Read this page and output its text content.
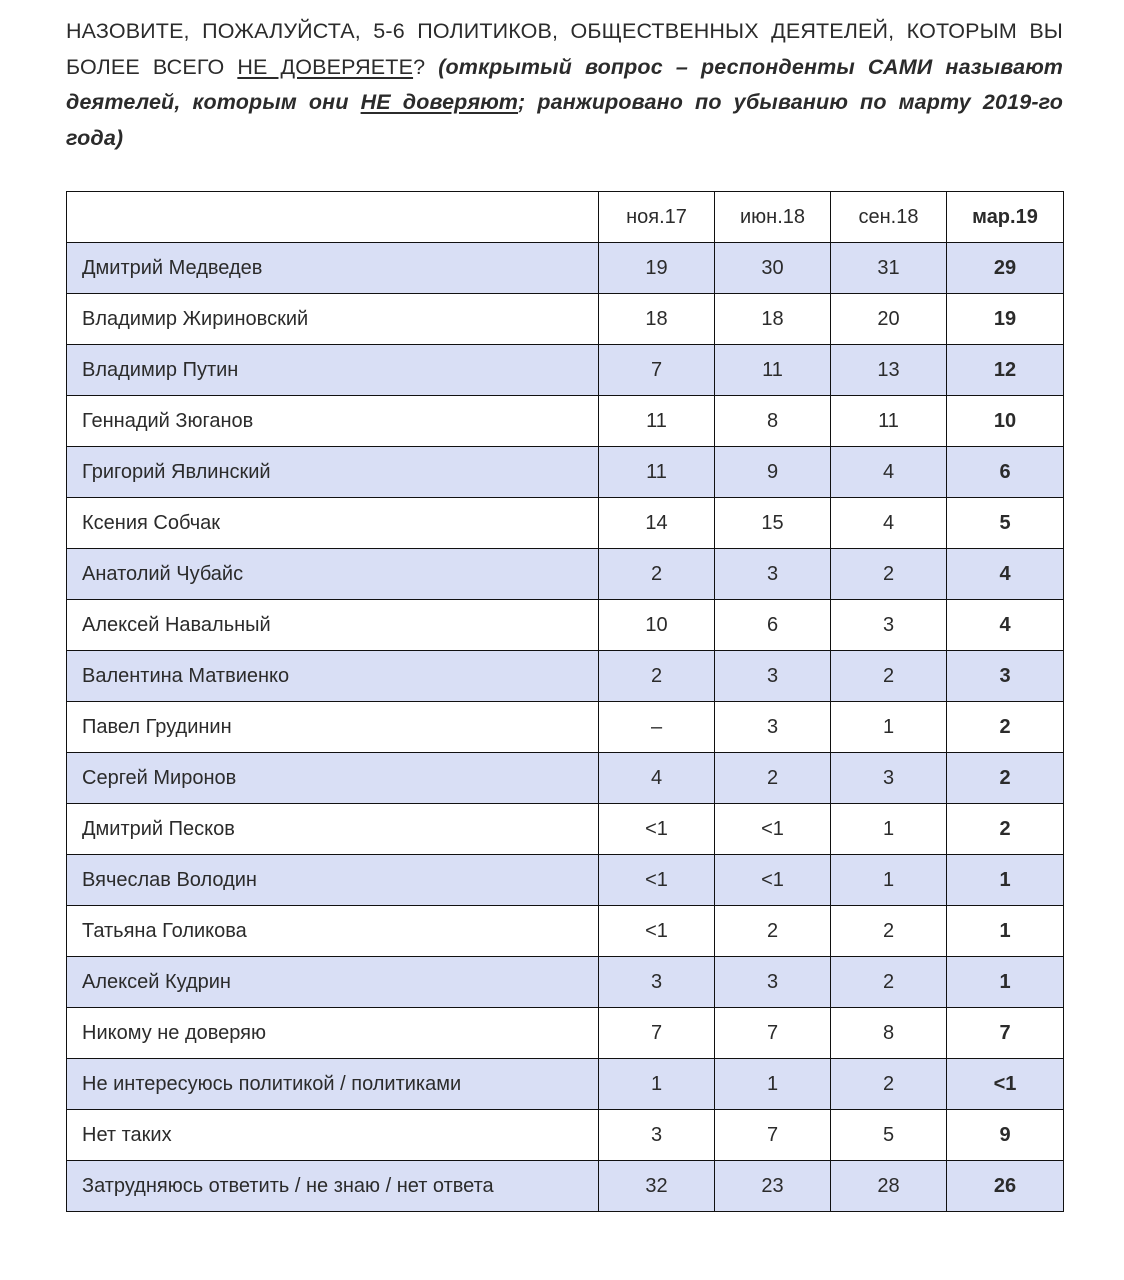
НАЗОВИТЕ, ПОЖАЛУЙСТА, 5-6 ПОЛИТИКОВ, ОБЩЕСТВЕННЫХ ДЕЯТЕЛЕЙ, КОТОРЫМ ВЫ БОЛЕЕ ВСЕГО НЕ ДОВЕРЯЕТЕ? (открытый вопрос – респонденты САМИ называют деятелей, которым они НЕ доверяют; ранжировано по убыванию по марту 2019-го года)
	ноя.17	июн.18	сен.18	мар.19
Дмитрий Медведев	19	30	31	29
Владимир Жириновский	18	18	20	19
Владимир Путин	7	11	13	12
Геннадий Зюганов	11	8	11	10
Григорий Явлинский	11	9	4	6
Ксения Собчак	14	15	4	5
Анатолий Чубайс	2	3	2	4
Алексей Навальный	10	6	3	4
Валентина Матвиенко	2	3	2	3
Павел Грудинин	–	3	1	2
Сергей Миронов	4	2	3	2
Дмитрий Песков	<1	<1	1	2
Вячеслав Володин	<1	<1	1	1
Татьяна Голикова	<1	2	2	1
Алексей Кудрин	3	3	2	1
Никому не доверяю	7	7	8	7
Не интересуюсь политикой / политиками	1	1	2	<1
Нет таких	3	7	5	9
Затрудняюсь ответить / не знаю / нет ответа	32	23	28	26
